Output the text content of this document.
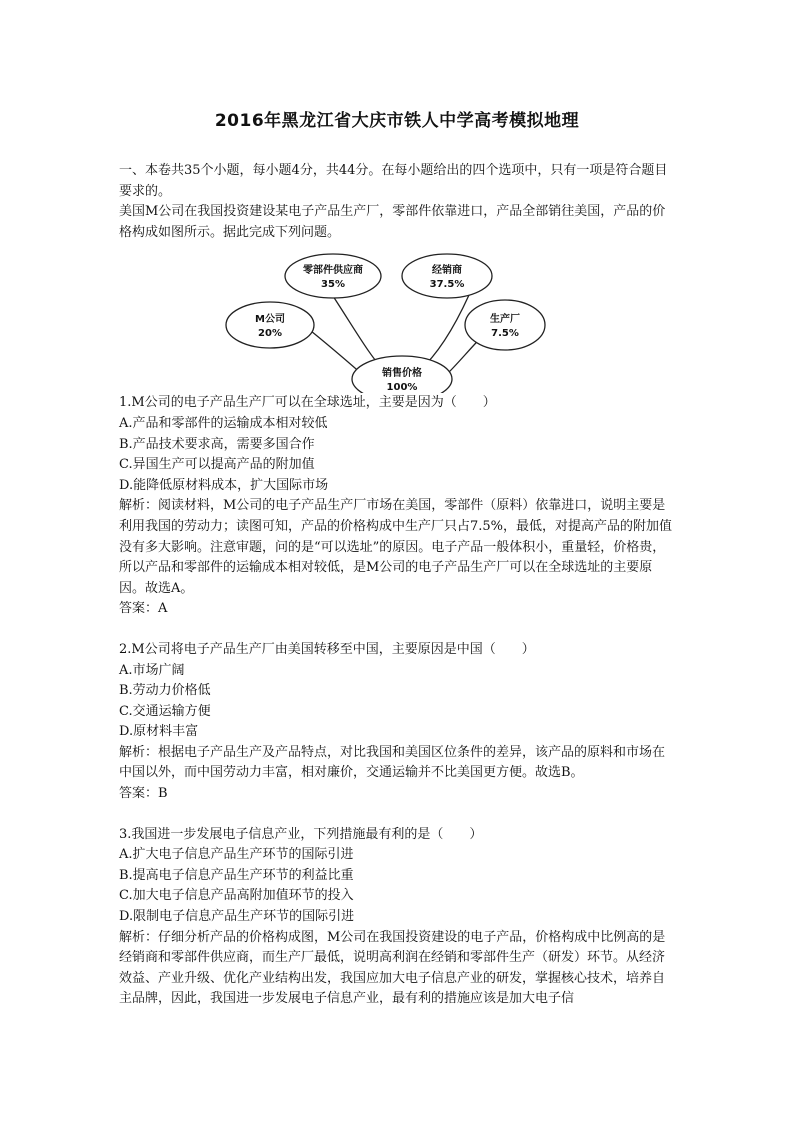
2016年黑龙江省大庆市铁人中学高考模拟地理

一、本卷共35个小题，每小题4分，共44分。在每小题给出的四个选项中，只有一项是符合题目要求的。

美国M公司在我国投资建设某电子产品生产厂，零部件依靠进口，产品全部销往美国，产品的价格构成如图所示。据此完成下列问题。

零部件供应商
35%
经销商
37.5%
M公司
20%
生产厂
7.5%
销售价格
100%

1.M公司的电子产品生产厂可以在全球选址，主要是因为（　　）

A.产品和零部件的运输成本相对较低

B.产品技术要求高，需要多国合作

C.异国生产可以提高产品的附加值

D.能降低原材料成本，扩大国际市场

解析：阅读材料，M公司的电子产品生产厂市场在美国，零部件（原料）依靠进口，说明主要是利用我国的劳动力；读图可知，产品的价格构成中生产厂只占7.5%，最低，对提高产品的附加值没有多大影响。注意审题，问的是“可以选址”的原因。电子产品一般体积小，重量轻，价格贵，所以产品和零部件的运输成本相对较低，是M公司的电子产品生产厂可以在全球选址的主要原因。故选A。

答案：A

2.M公司将电子产品生产厂由美国转移至中国，主要原因是中国（　　）

A.市场广阔

B.劳动力价格低

C.交通运输方便

D.原材料丰富

解析：根据电子产品生产及产品特点，对比我国和美国区位条件的差异，该产品的原料和市场在中国以外，而中国劳动力丰富，相对廉价，交通运输并不比美国更方便。故选B。

答案：B

3.我国进一步发展电子信息产业，下列措施最有利的是（　　）

A.扩大电子信息产品生产环节的国际引进

B.提高电子信息产品生产环节的利益比重

C.加大电子信息产品高附加值环节的投入

D.限制电子信息产品生产环节的国际引进

解析：仔细分析产品的价格构成图，M公司在我国投资建设的电子产品，价格构成中比例高的是经销商和零部件供应商，而生产厂最低，说明高利润在经销和零部件生产（研发）环节。从经济效益、产业升级、优化产业结构出发，我国应加大电子信息产业的研发，掌握核心技术，培养自主品牌，因此，我国进一步发展电子信息产业，最有利的措施应该是加大电子信
